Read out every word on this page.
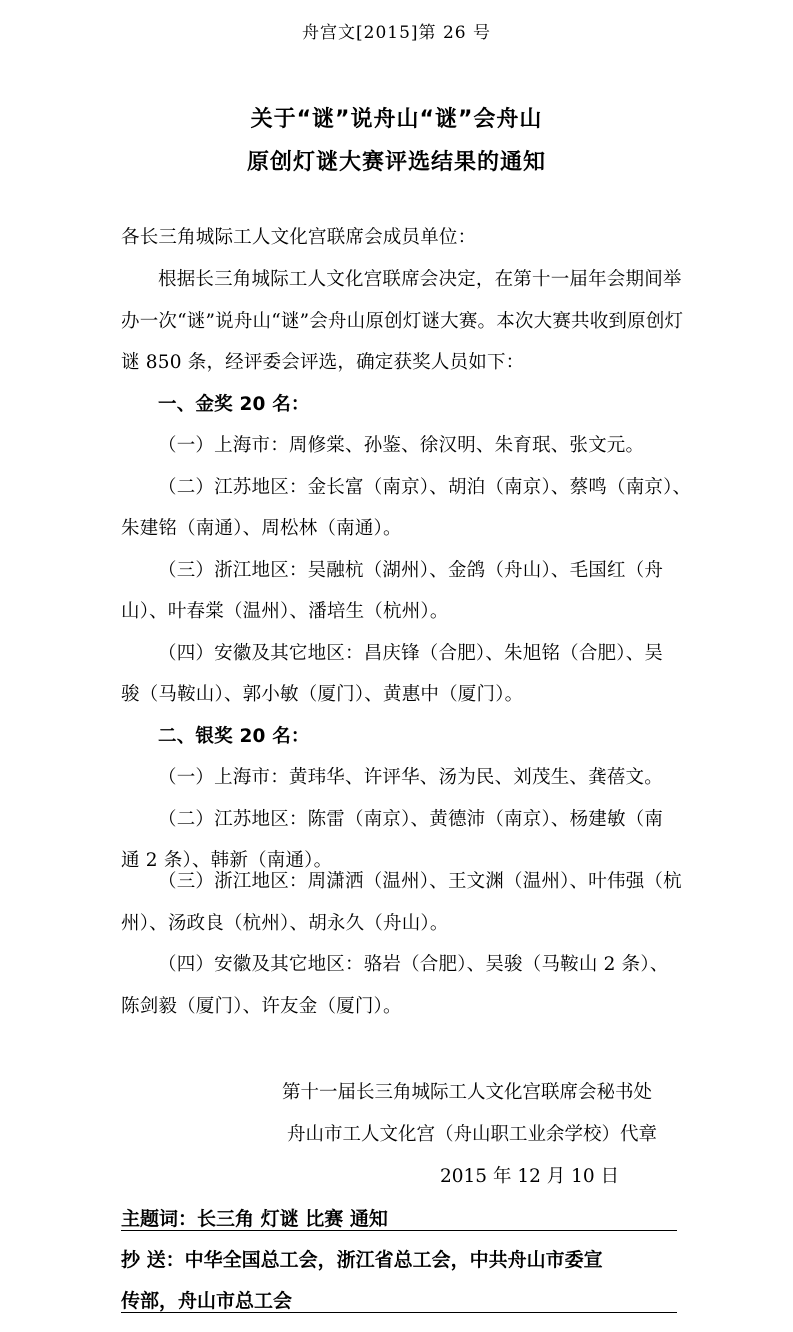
舟宫文[2015]第 26 号
关于“谜”说舟山“谜”会舟山
原创灯谜大赛评选结果的通知
各长三角城际工人文化宫联席会成员单位：
根据长三角城际工人文化宫联席会决定，在第十一届年会期间举
办一次“谜”说舟山“谜”会舟山原创灯谜大赛。本次大赛共收到原创灯
谜 850 条，经评委会评选，确定获奖人员如下：
一、金奖 20 名：
（一）上海市：周修棠、孙鉴、徐汉明、朱育珉、张文元。
（二）江苏地区：金长富（南京）、胡泊（南京）、蔡鸣（南京）、
朱建铭（南通）、周松林（南通）。
（三）浙江地区：吴融杭（湖州）、金鸽（舟山）、毛国红（舟
山）、叶春棠（温州）、潘培生（杭州）。
（四）安徽及其它地区：昌庆锋（合肥）、朱旭铭（合肥）、吴
骏（马鞍山）、郭小敏（厦门）、黄惠中（厦门）。
二、银奖 20 名：
（一）上海市：黄玮华、许评华、汤为民、刘茂生、龚蓓文。
（二）江苏地区：陈雷（南京）、黄德沛（南京）、杨建敏（南
通 2 条）、韩新（南通）。
（三）浙江地区：周潇洒（温州）、王文渊（温州）、叶伟强（杭
州）、汤政良（杭州）、胡永久（舟山）。
（四）安徽及其它地区：骆岩（合肥）、吴骏（马鞍山 2 条）、
陈剑毅（厦门）、许友金（厦门）。
第十一届长三角城际工人文化宫联席会秘书处
舟山市工人文化宫（舟山职工业余学校）代章
2015 年 12 月 10 日
主题词：长三角 灯谜 比赛 通知
抄 送：中华全国总工会，浙江省总工会，中共舟山市委宣
传部，舟山市总工会
